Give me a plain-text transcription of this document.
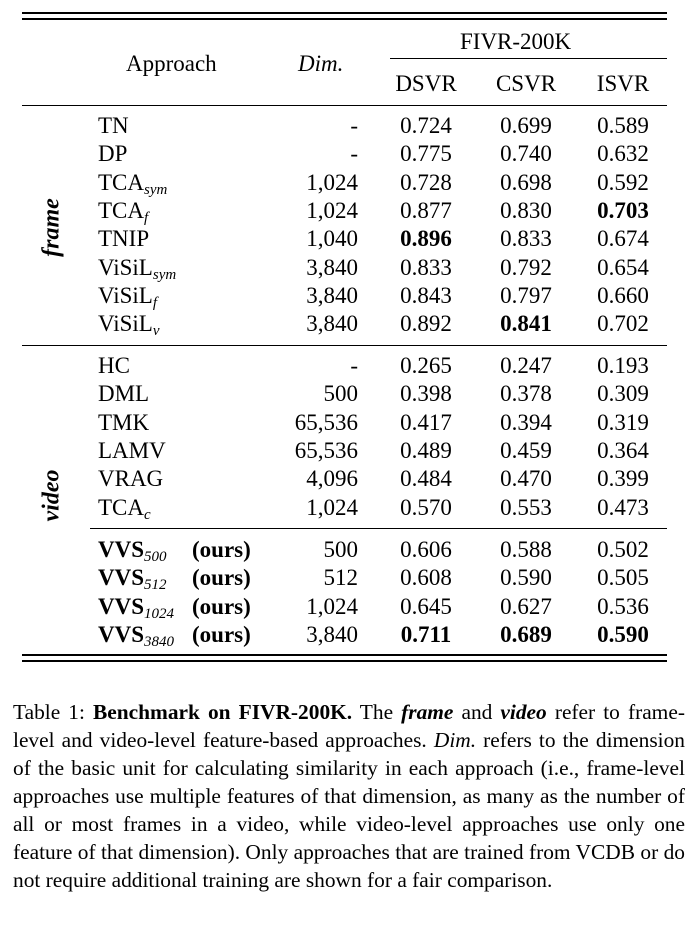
Approach	Dim.
FIVR-200K
DSVR	CSVR	ISVR
frame
video
TN	-	0.724	0.699	0.589
DP	-	0.775	0.740	0.632
$TCA_{sym}$	1,024	0.728	0.698	0.592
$TCA_f$	1,024	0.877	0.830	0.703
TNIP	1,040	0.896	0.833	0.674
ViSiL$_{sym}$	3,840	0.833	0.792	0.654
ViSiL$_f$	3,840	0.843	0.797	0.660
ViSiL$_v$	3,840	0.892	0.841	0.702
HC	-	0.265	0.247	0.193
DML	500	0.398	0.378	0.309
TMK	65,536	0.417	0.394	0.319
LAMV	65,536	0.489	0.459	0.364
VRAG	4,096	0.484	0.470	0.399
$TCA_c$	1,024	0.570	0.553	0.473
$VVS_{500}$ (ours)	500	0.606	0.588	0.502
$VVS_{512}$ (ours)	512	0.608	0.590	0.505
$VVS_{1024}$ (ours)	1,024	0.645	0.627	0.536
$VVS_{3840}$ (ours)	3,840	0.711	0.689	0.590

Table 1: Benchmark on FIVR-200K. The frame and video refer to frame-level and video-level feature-based approaches. Dim. refers to the dimension of the basic unit for calculating similarity in each approach (i.e., frame-level approaches use multiple features of that dimension, as many as the number of all or most frames in a video, while video-level approaches use only one feature of that dimension). Only approaches that are trained from VCDB or do not require additional training are shown for a fair comparison.
